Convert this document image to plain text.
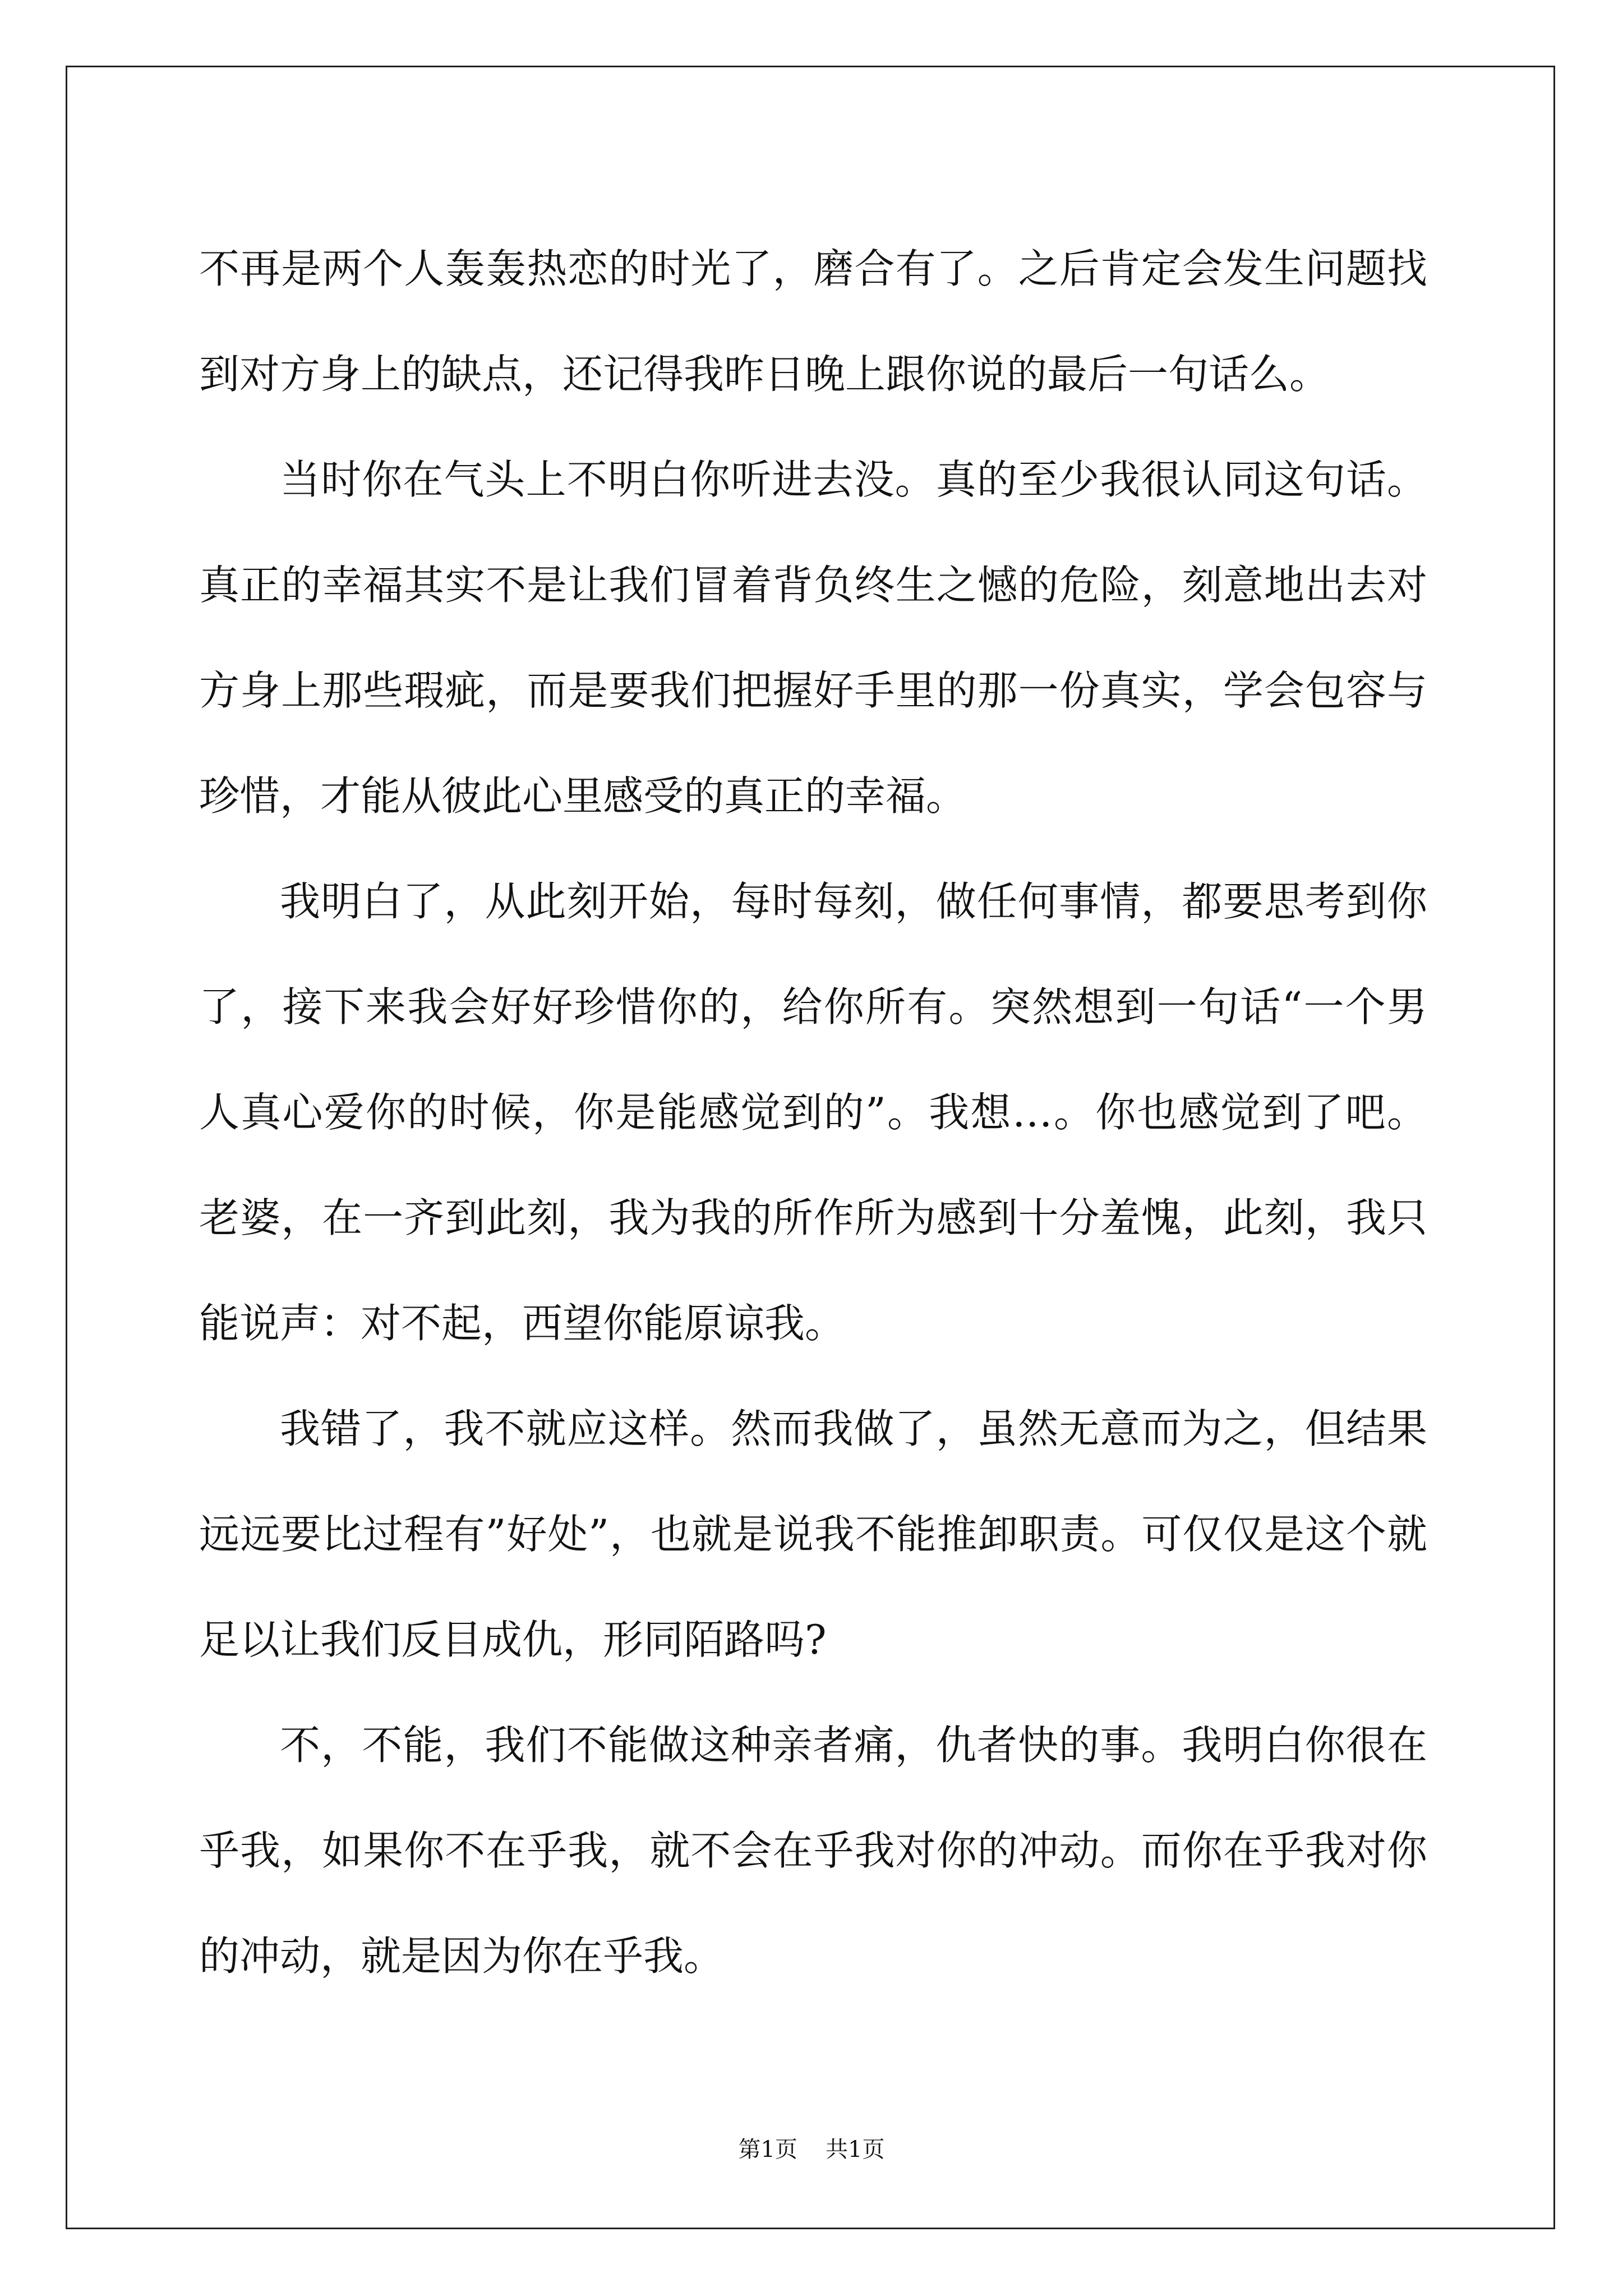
不再是两个人轰轰热恋的时光了，磨合有了。之后肯定会发生问题找到对方身上的缺点，还记得我昨日晚上跟你说的最后一句话么。

当时你在气头上不明白你听进去没。真的至少我很认同这句话。真正的幸福其实不是让我们冒着背负终生之憾的危险，刻意地出去对方身上那些瑕疵，而是要我们把握好手里的那一份真实，学会包容与珍惜，才能从彼此心里感受的真正的幸福。

我明白了，从此刻开始，每时每刻，做任何事情，都要思考到你了，接下来我会好好珍惜你的，给你所有。突然想到一句话“一个男人真心爱你的时候，你是能感觉到的”。我想…。你也感觉到了吧。老婆，在一齐到此刻，我为我的所作所为感到十分羞愧，此刻，我只能说声：对不起，西望你能原谅我。

我错了，我不就应这样。然而我做了，虽然无意而为之，但结果远远要比过程有”好处”，也就是说我不能推卸职责。可仅仅是这个就足以让我们反目成仇，形同陌路吗?

不，不能，我们不能做这种亲者痛，仇者快的事。我明白你很在乎我，如果你不在乎我，就不会在乎我对你的冲动。而你在乎我对你的冲动，就是因为你在乎我。

第1页 共1页
